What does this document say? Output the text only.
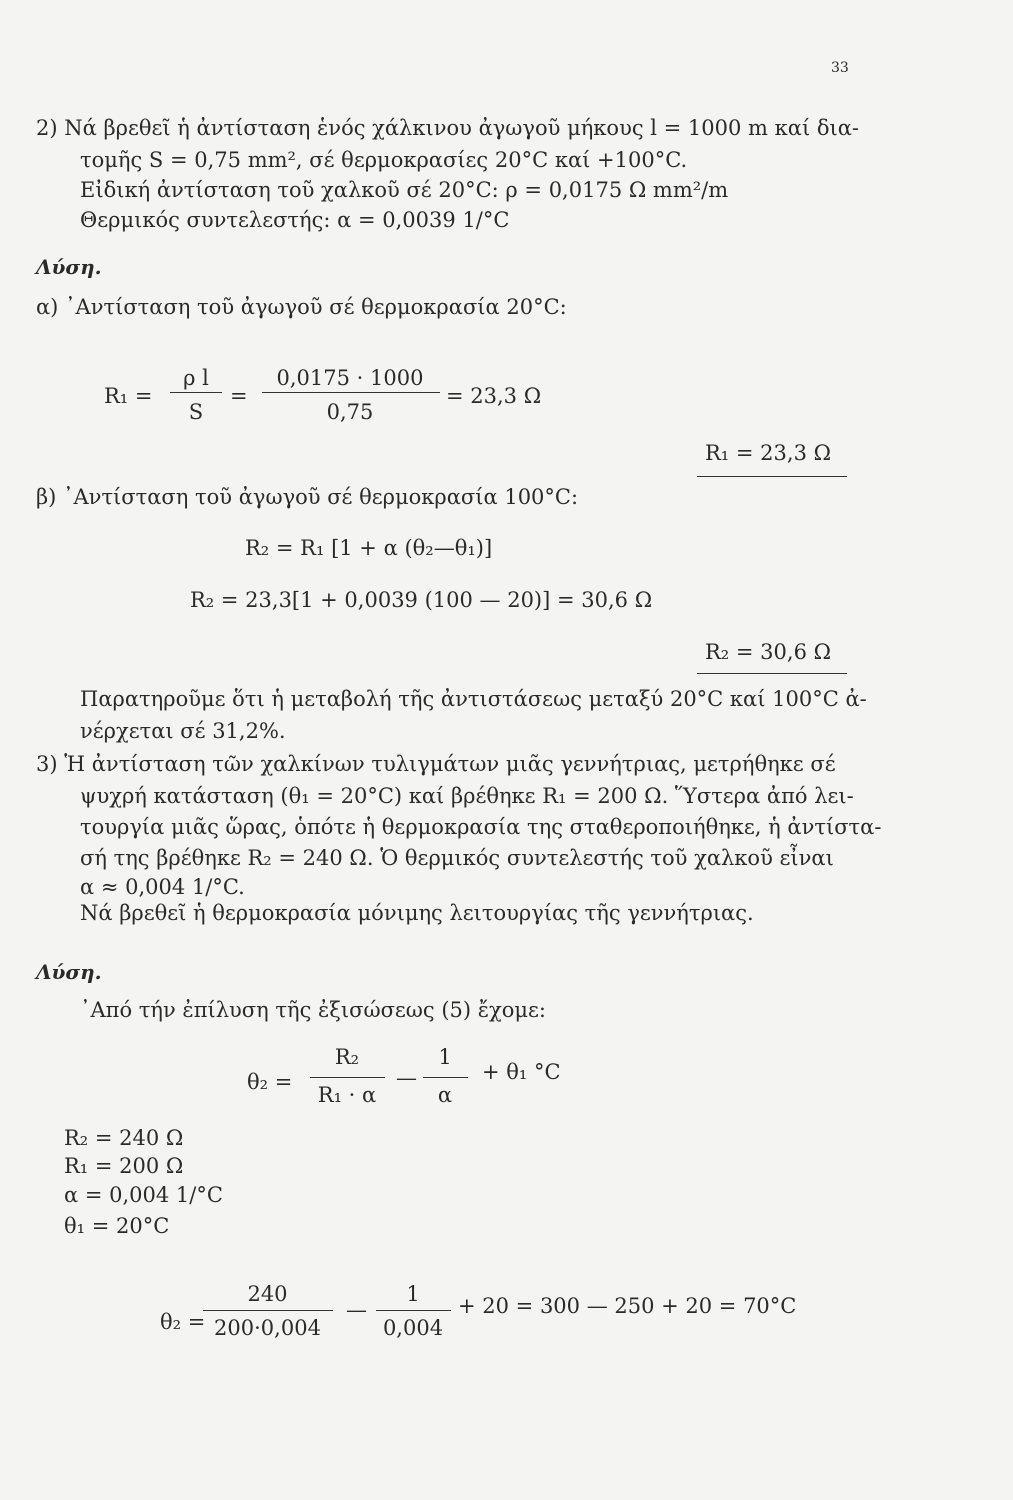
33
2) Νά βρεθεῖ ἡ ἀντίσταση ἑνός χάλκινου ἀγωγοῦ μήκους l = 1000 m καί δια-
τομῆς S = 0,75 mm², σέ θερμοκρασίες 20°C καί +100°C.
Εἰδική ἀντίσταση τοῦ χαλκοῦ σέ 20°C: ρ = 0,0175 Ω mm²/m
Θερμικός συντελεστής: α = 0,0039 1/°C
Λύση.
α) ᾿Αντίσταση τοῦ ἀγωγοῦ σέ θερμοκρασία 20°C:
R₁ =
ρ l
S
=
0,0175 · 1000
0,75
= 23,3 Ω
R₁ = 23,3 Ω
β) ᾿Αντίσταση τοῦ ἀγωγοῦ σέ θερμοκρασία 100°C:
R₂ = R₁ [1 + α (θ₂—θ₁)]
R₂ = 23,3[1 + 0,0039 (100 — 20)] = 30,6 Ω
R₂ = 30,6 Ω
Παρατηροῦμε ὅτι ἡ μεταβολή τῆς ἀντιστάσεως μεταξύ 20°C καί 100°C ἀ-
νέρχεται σέ 31,2%.
3) Ἡ ἀντίσταση τῶν χαλκίνων τυλιγμάτων μιᾶς γεννήτριας, μετρήθηκε σέ
ψυχρή κατάσταση (θ₁ = 20°C) καί βρέθηκε R₁ = 200 Ω. Ὕστερα ἀπό λει-
τουργία μιᾶς ὥρας, ὁπότε ἡ θερμοκρασία της σταθεροποιήθηκε, ἡ ἀντίστα-
σή της βρέθηκε R₂ = 240 Ω. Ὁ θερμικός συντελεστής τοῦ χαλκοῦ εἶναι
α ≈ 0,004 1/°C.
Νά βρεθεῖ ἡ θερμοκρασία μόνιμης λειτουργίας τῆς γεννήτριας.
Λύση.
᾿Από τήν ἐπίλυση τῆς ἐξισώσεως (5) ἔχομε:
θ₂ =
R₂
R₁ · α
—
1
α
+ θ₁ °C
R₂ = 240 Ω
R₁ = 200 Ω
α = 0,004 1/°C
θ₁ = 20°C
θ₂ =
240
200·0,004
—
1
0,004
+ 20 = 300 — 250 + 20 = 70°C
